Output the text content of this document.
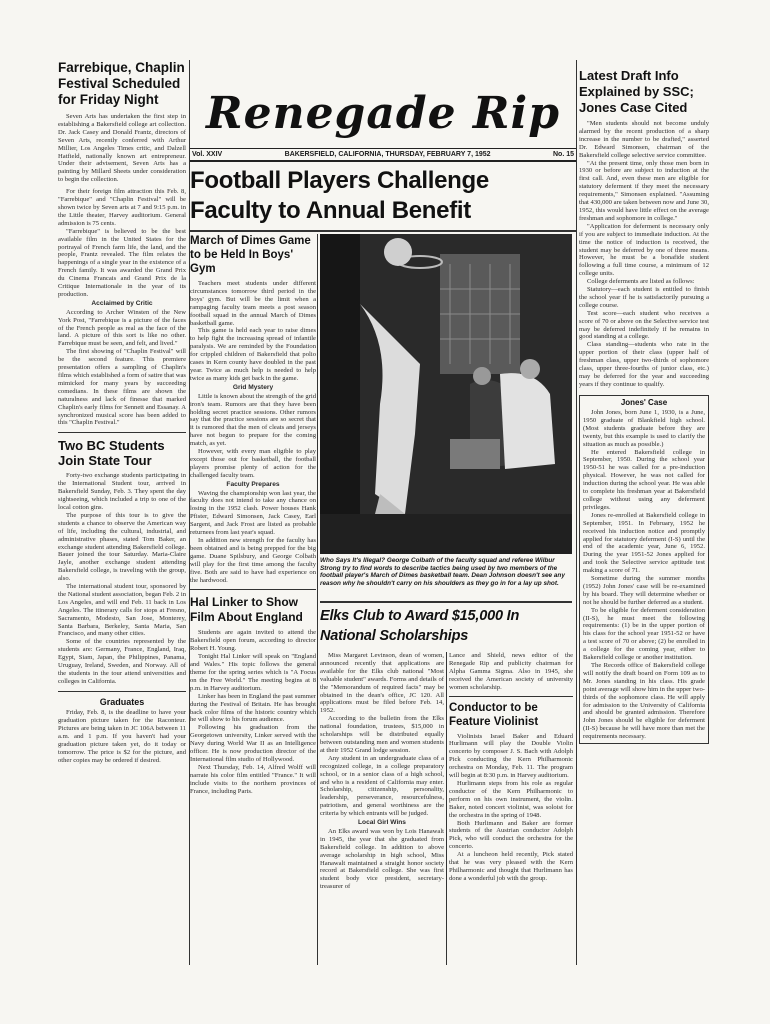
Farrebique, Chaplin Festival Scheduled for Friday Night

Seven Arts has undertaken the first step in establishing a Bakersfield college art collection. Dr. Jack Casey and Donald Frantz, directors of Seven Arts, recently conferred with Arthur Millier, Los Angeles Times critic, and Dalzell Hatfield, nationally known art entrepreneur. Under their advisement, Seven Arts has a painting by Millard Sheets under consideration to begin the collection.

For their foreign film attraction this Feb. 8, "Farrebique" and "Chaplin Festival" will be shown twice by Seven arts at 7 and 9:15 p.m. in the Little theater, Harvey auditorium. General admission is 75 cents.

"Farrebique" is believed to be the best available film in the United States for the portrayal of French farm life, the land, and the people, Frantz revealed. The film relates the happenings of a single year in the existence of a French family. It was awarded the Grand Prix du Cinema Francais and Grand Prix de la Critique Internationale in the year of its production.

Acclaimed by Critic

According to Archer Winsten of the New York Post, "Farrebique is a picture of the faces of the French people as real as the face of the land. A picture of this sort is like no other. Farrebique must be seen, and felt, and lived."

The first showing of "Chaplin Festival" will be the second feature. This premiere presentation offers a sampling of Chaplin's films which established a form of satire that was mimicked for many years by succeeding comedians. In these films are shown the naturalness and lack of finesse that marked Chaplin's early films for Sennett and Essanay. A synchronized musical score has been added to this "Chaplin Festival."

Two BC Students Join State Tour

Forty-two exchange students participating in the International Student tour, arrived in Bakersfield Sunday, Feb. 3. They spent the day sightseeing, which included a trip to one of the local cotton gins.

The purpose of this tour is to give the students a chance to observe the American way of life, including the cultural, industrial, and administrative phases, stated Tom Baker, an exchange student attending Bakersfield college. Bauer joined the tour Saturday. Maria-Claire Jayle, another exchange student attending Bakersfield college, is traveling with the group, also.

The international student tour, sponsored by the National student association, began Feb. 2 in Los Angeles, and will end Feb. 11 back in Los Angeles. The itinerary calls for stops at Fresno, Sacramento, Modesto, San Jose, Monterey, Santa Barbara, Berkeley, Santa Maria, San Francisco, and many other cities.

Some of the countries represented by the students are: Germany, France, England, Iraq, Egypt, Siam, Japan, the Philippines, Panama, Uruguay, Ireland, Sweden, and Norway. All of the students in the tour attend universities and colleges in California.

Graduates

Friday, Feb. 8, is the deadline to have your graduation picture taken for the Raconteur. Pictures are being taken in JC 106A between 11 a.m. and 1 p.m. If you haven't had your graduation picture taken yet, do it today or tomorrow. The price is $2 for the picture, and other copies may be ordered if desired.

Renegade Rip
Vol. XXIV	BAKERSFIELD, CALIFORNIA, THURSDAY, FEBRUARY 7, 1952	No. 15
Football Players Challenge Faculty to Annual Benefit
March of Dimes Game to be Held In Boys' Gym

Teachers meet students under different circumstances tomorrow third period in the boys' gym. But will be the limit when a rampaging faculty team meets a post season football squad in the annual March of Dimes basketball game.

This game is held each year to raise dimes to help fight the increasing spread of infantile paralysis. We are reminded by the Foundation for crippled children of Bakersfield that polio cases in Kern county have doubled in the past year. Twice as much help is needed to help twice as many kids get back in the game.

Grid Mystery

Little is known about the strength of the grid iron's team. Rumors are that they have been holding secret practice sessions. Other rumors say that the practice sessions are so secret that it is rumored that the men of cleats and jerseys have not begun to prepare for the coming match, as yet.

However, with every man eligible to play except those out for basketball, the football players promise plenty of action for the challenged faculty team.

Faculty Prepares

Waving the championship won last year, the faculty does not intend to take any chance on losing in the 1952 clash. Power houses Hank Pfister, Edward Simonsen, Jack Casey, Earl Sargent, and Jack Frost are listed as probable returnees from last year's squad.

In addition new strength for the faculty has been obtained and is being prepped for the big game. Duane Spilsbury, and George Colbath will play for the first time among the faculty five. Both are said to have had experience on the hardwood.

Hal Linker to Show Film About England

Students are again invited to attend the Bakersfield open forum, according to director Robert H. Young.

Tonight Hal Linker will speak on "England and Wales." His topic follows the general theme for the spring series which is "A Focus on the Free World." The meeting begins at 8 p.m. in Harvey auditorium.

Linker has been in England the past summer during the Festival of Britain. He has brought back color films of the historic country which he will show to his forum audience.

Following his graduation from the Georgetown university, Linker served with the Navy during World War II as an Intelligence officer. He is now production director of the International film studio of Hollywood.

Next Thursday, Feb. 14, Alfred Wolff will narrate his color film entitled "France." It will include visits to the northern provinces of France, including Paris.

Who Says It's Illegal? George Colbath of the faculty squad and referee Wilbur Strong try to find words to describe tactics being used by two members of the football player's March of Dimes basketball team. Dean Johnson doesn't see any reason why he shouldn't carry on his shoulders as they go in for a lay up shot.
Elks Club to Award $15,000 In National Scholarships

Miss Margaret Levinson, dean of women, announced recently that applications are available for the Elks club national "Most valuable student" awards. Forms and details of the "Memorandum of required facts" may be obtained in the dean's office, JC 120. All applications must be filed before Feb. 14, 1952.

According to the bulletin from the Elks national foundation, trustees, $15,000 in scholarships will be distributed equally between outstanding men and women students at their 1952 Grand lodge session.

Any student in an undergraduate class of a recognized college, in a college preparatory school, or in a senior class of a high school, and who is a resident of California may enter. Scholarship, citizenship, personality, leadership, perseverance, resourcefulness, patriotism, and general worthiness are the criteria by which entrants will be judged.

Local Girl Wins

An Elks award was won by Lois Hanawalt in 1945, the year that she graduated from Bakersfield college. In addition to above average scholarship in high school, Miss Hanawalt maintained a straight honor society record at Bakersfield college. She was first student body vice president, secretary-treasurer of

Lance and Shield, news editor of the Renegade Rip and publicity chairman for Alpha Gamma Sigma. Also in 1945, she received the American society of university women scholarship.

Conductor to be Feature Violinist

Violinists Israel Baker and Eduard Hurlimann will play the Double Violin concerto by composer J. S. Bach with Adolph Pick conducting the Kern Philharmonic orchestra on Monday, Feb. 11. The program will begin at 8:30 p.m. in Harvey auditorium.

Hurlimann steps from his role as regular conductor of the Kern Philharmonic to perform on his own instrument, the violin. Baker, noted concert violinist, was soloist for the orchestra in the spring of 1948.

Both Hurlimann and Baker are former students of the Austrian conductor Adolph Pick, who will conduct the orchestra for the concerto.

At a luncheon held recently, Pick stated that he was very pleased with the Kern Philharmonic and thought that Hurlimann has done a wonderful job with the group.

Latest Draft Info Explained by SSC; Jones Case Cited

"Men students should not become unduly alarmed by the recent production of a sharp increase in the number to be drafted," asserted Dr. Edward Simonsen, chairman of the Bakersfield college selective service committee.

"At the present time, only those men born in 1930 or before are subject to induction at the first call. And, even these men are eligible for statutory deferment if they meet the necessary requirements," Simonsen explained. "Assuming that 430,000 are taken between now and June 30, 1952, this would have little effect on the average freshman and sophomore in college."

"Application for deferment is necessary only if you are subject to immediate induction. At the time the notice of induction is received, the student may be deferred by one of three means. However, he must be a bonafide student following a full time course, a minimum of 12 college units.

College deferments are listed as follows:

Statutory—each student is entitled to finish the school year if he is satisfactorily pursuing a college course.

Test score—each student who receives a score of 70 or above on the Selective service test may be deferred indefinitely if he remains in good standing at a college.

Class standing—students who rate in the upper portion of their class (upper half of freshman class, upper two-thirds of sophomore class, upper three-fourths of junior class, etc.) may be deferred for the year and succeeding years if they continue to qualify.

Jones' Case

John Jones, born June 1, 1930, is a June, 1950 graduate of Blankfield high school. (Most students graduate before they are twenty, but this example is used to clarify the situation as much as possible.)

He entered Bakersfield college in September, 1950. During the school year 1950-51 he was called for a pre-induction physical. However, he was not called for induction during the school year. He was able to complete his freshman year at Bakersfield college without using any deferment privileges.

Jones re-enrolled at Bakersfield college in September, 1951. In February, 1952 he received his induction notice and promptly applied for statutory deferment (I-S) until the end of the academic year, June 6, 1952. During the year 1951-52 Jones applied for and took the Selective service aptitude test making a score of 71.

Sometime during the summer months (1952) John Jones' case will be re-examined by his board. They will determine whether or not he should be further deferred as a student.

To be eligible for deferment consideration (II-S), he must meet the following requirements: (1) be in the upper portion of his class for the school year 1951-52 or have a test score of 70 or above; (2) be enrolled in a college for the coming year, either to Bakersfield college or another institution.

The Records office of Bakersfield college will notify the draft board on Form 109 as to Mr. Jones standing in his class. His grade point average will show him in the upper two-thirds of the sophomore class. He will apply for admission to the University of California and should be granted admission. Therefore John Jones should be eligible for deferment (II-S) because he will have more than met the requirements necessary.
